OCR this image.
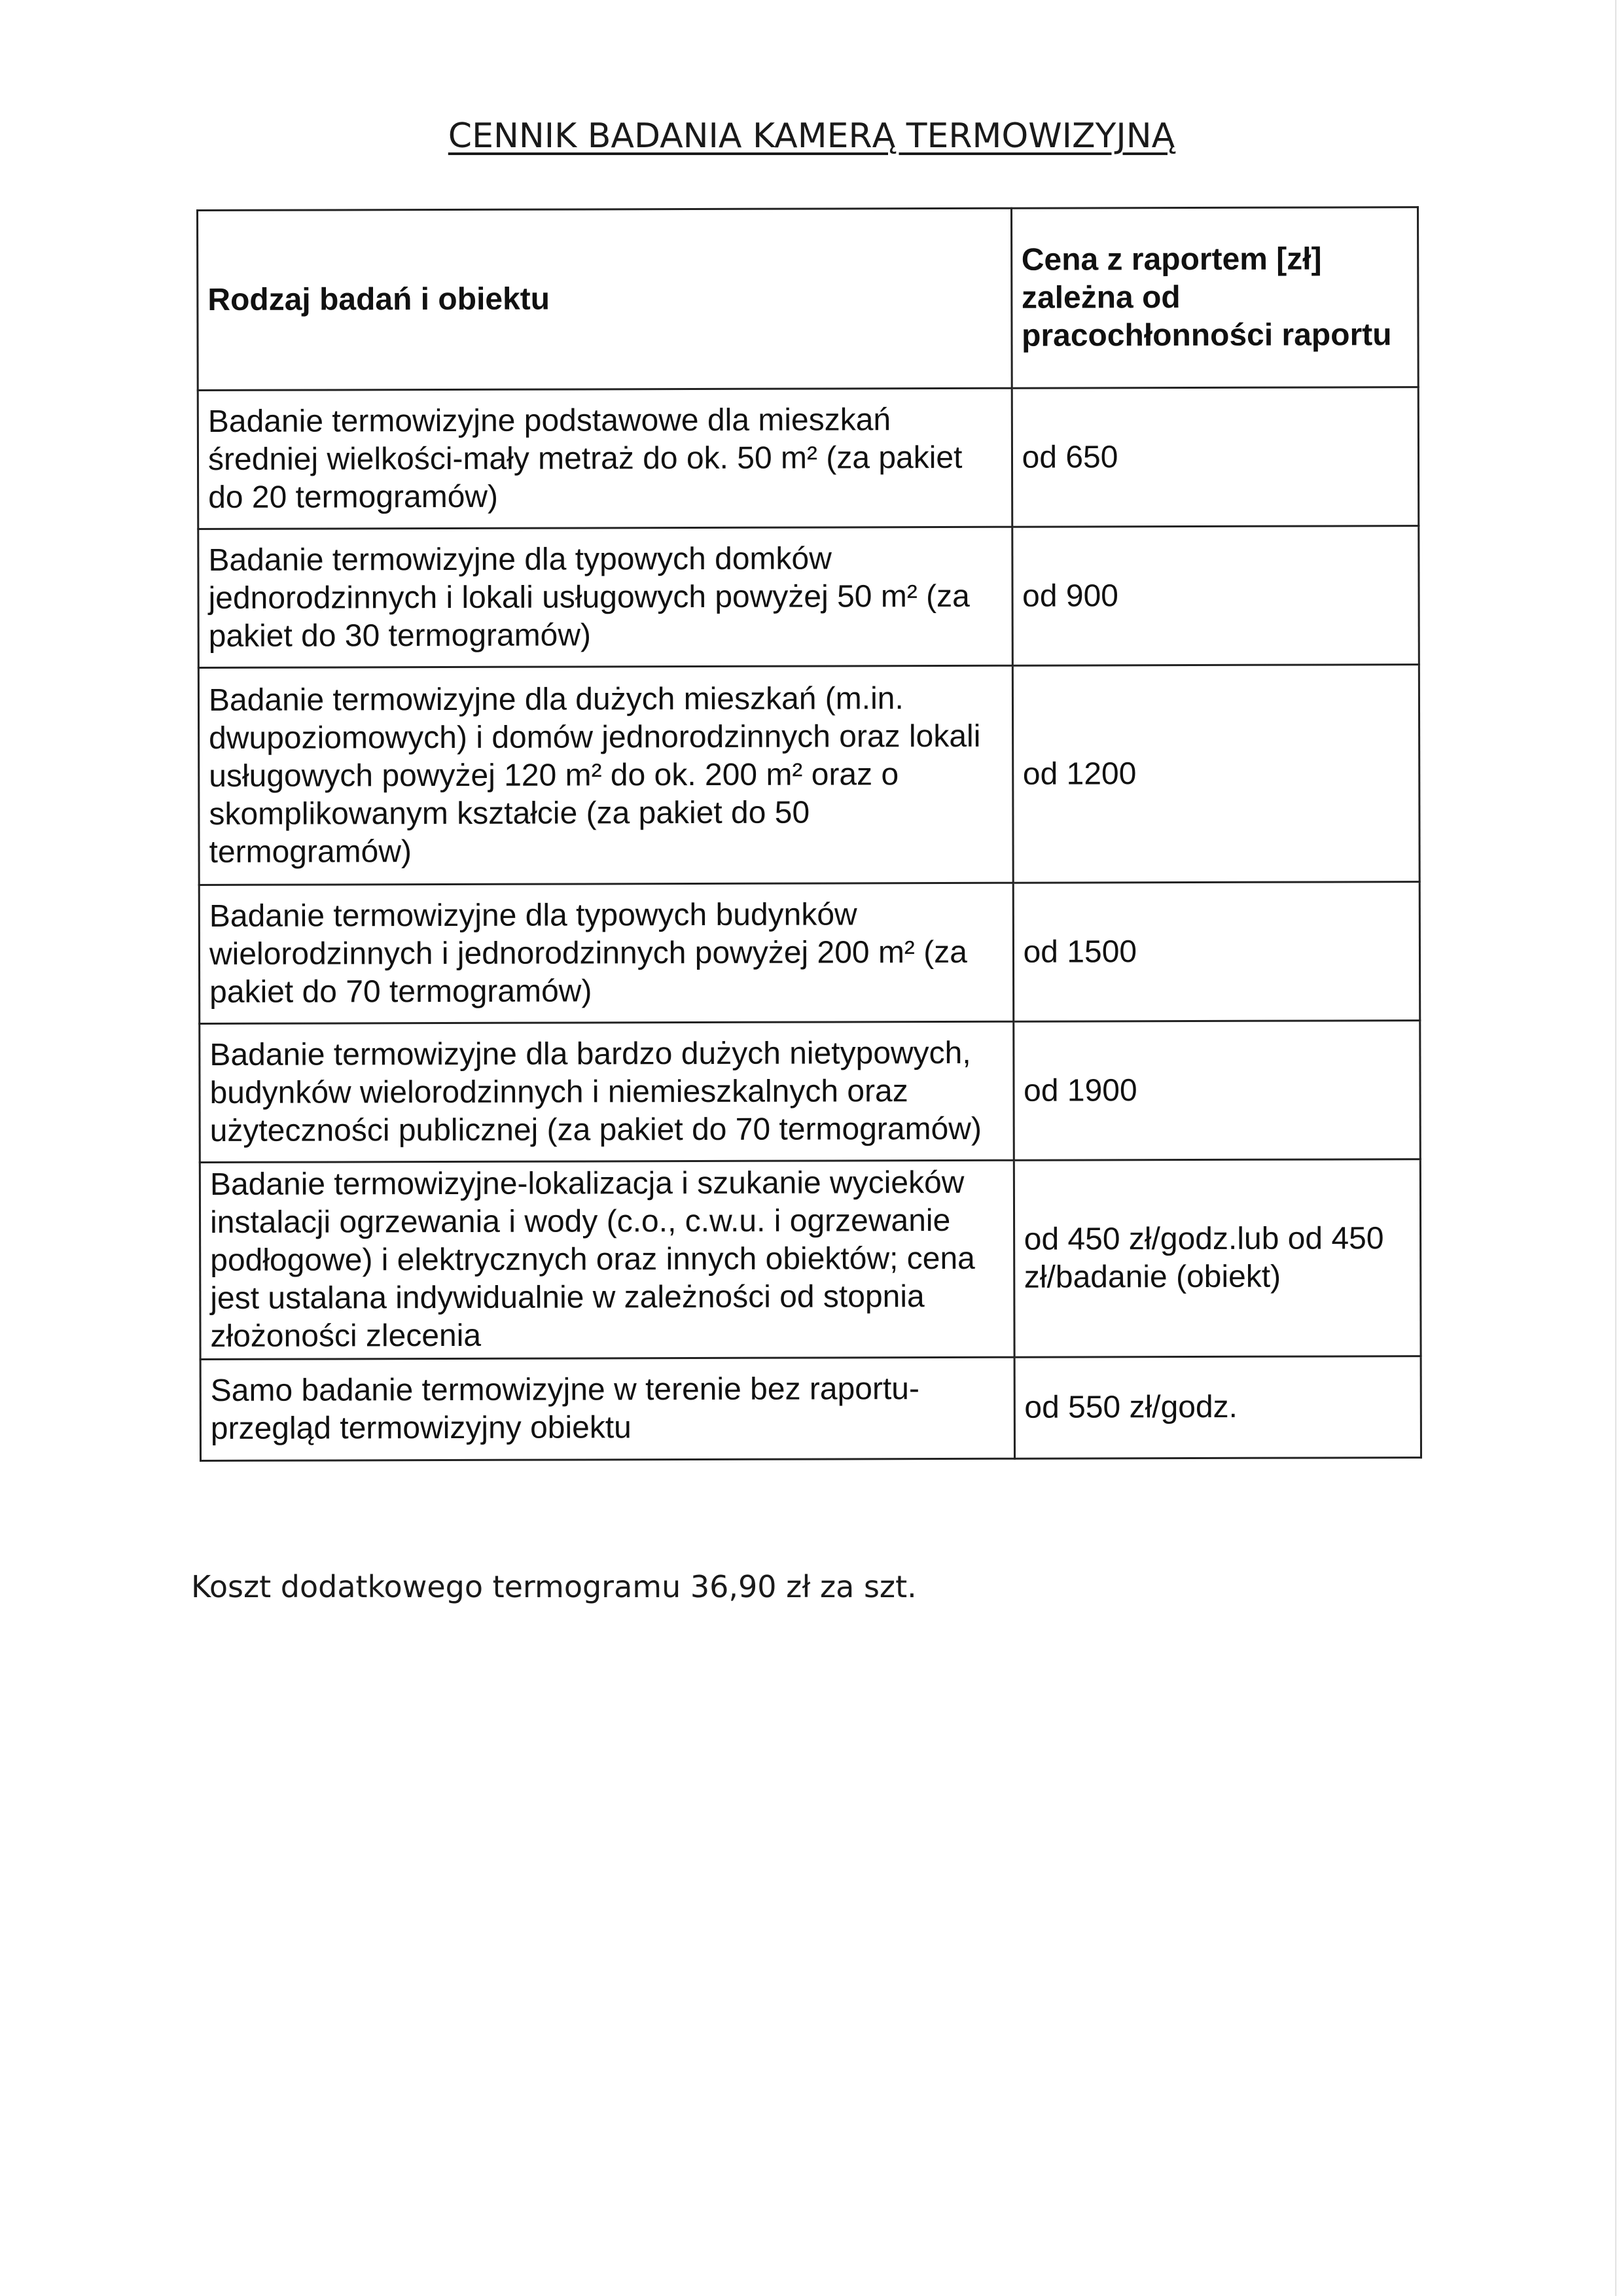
CENNIK BADANIA KAMERĄ TERMOWIZYJNĄ
Rodzaj badań i obiektu	Cena z raportem [zł] zależna od pracochłonności raportu
Badanie termowizyjne podstawowe dla mieszkań średniej wielkości-mały metraż do ok. 50 m² (za pakiet do 20 termogramów)	od 650
Badanie termowizyjne dla typowych domków jednorodzinnych i lokali usługowych powyżej 50 m² (za pakiet do 30 termogramów)	od 900
Badanie termowizyjne dla dużych mieszkań (m.in. dwupoziomowych) i domów jednorodzinnych oraz lokali usługowych powyżej 120 m² do ok. 200 m² oraz o skomplikowanym kształcie (za pakiet do 50 termogramów)	od 1200
Badanie termowizyjne dla typowych budynków wielorodzinnych i jednorodzinnych powyżej 200 m² (za pakiet do 70 termogramów)	od 1500
Badanie termowizyjne dla bardzo dużych nietypowych, budynków wielorodzinnych i niemieszkalnych oraz użyteczności publicznej (za pakiet do 70 termogramów)	od 1900
Badanie termowizyjne-lokalizacja i szukanie wycieków instalacji ogrzewania i wody (c.o., c.w.u. i ogrzewanie podłogowe) i elektrycznych oraz innych obiektów; cena jest ustalana indywidualnie w zależności od stopnia złożoności zlecenia	od 450 zł/godz.lub od 450 zł/badanie (obiekt)
Samo badanie termowizyjne w terenie bez raportu- przegląd termowizyjny obiektu	od 550 zł/godz.
Koszt dodatkowego termogramu 36,90 zł za szt.
